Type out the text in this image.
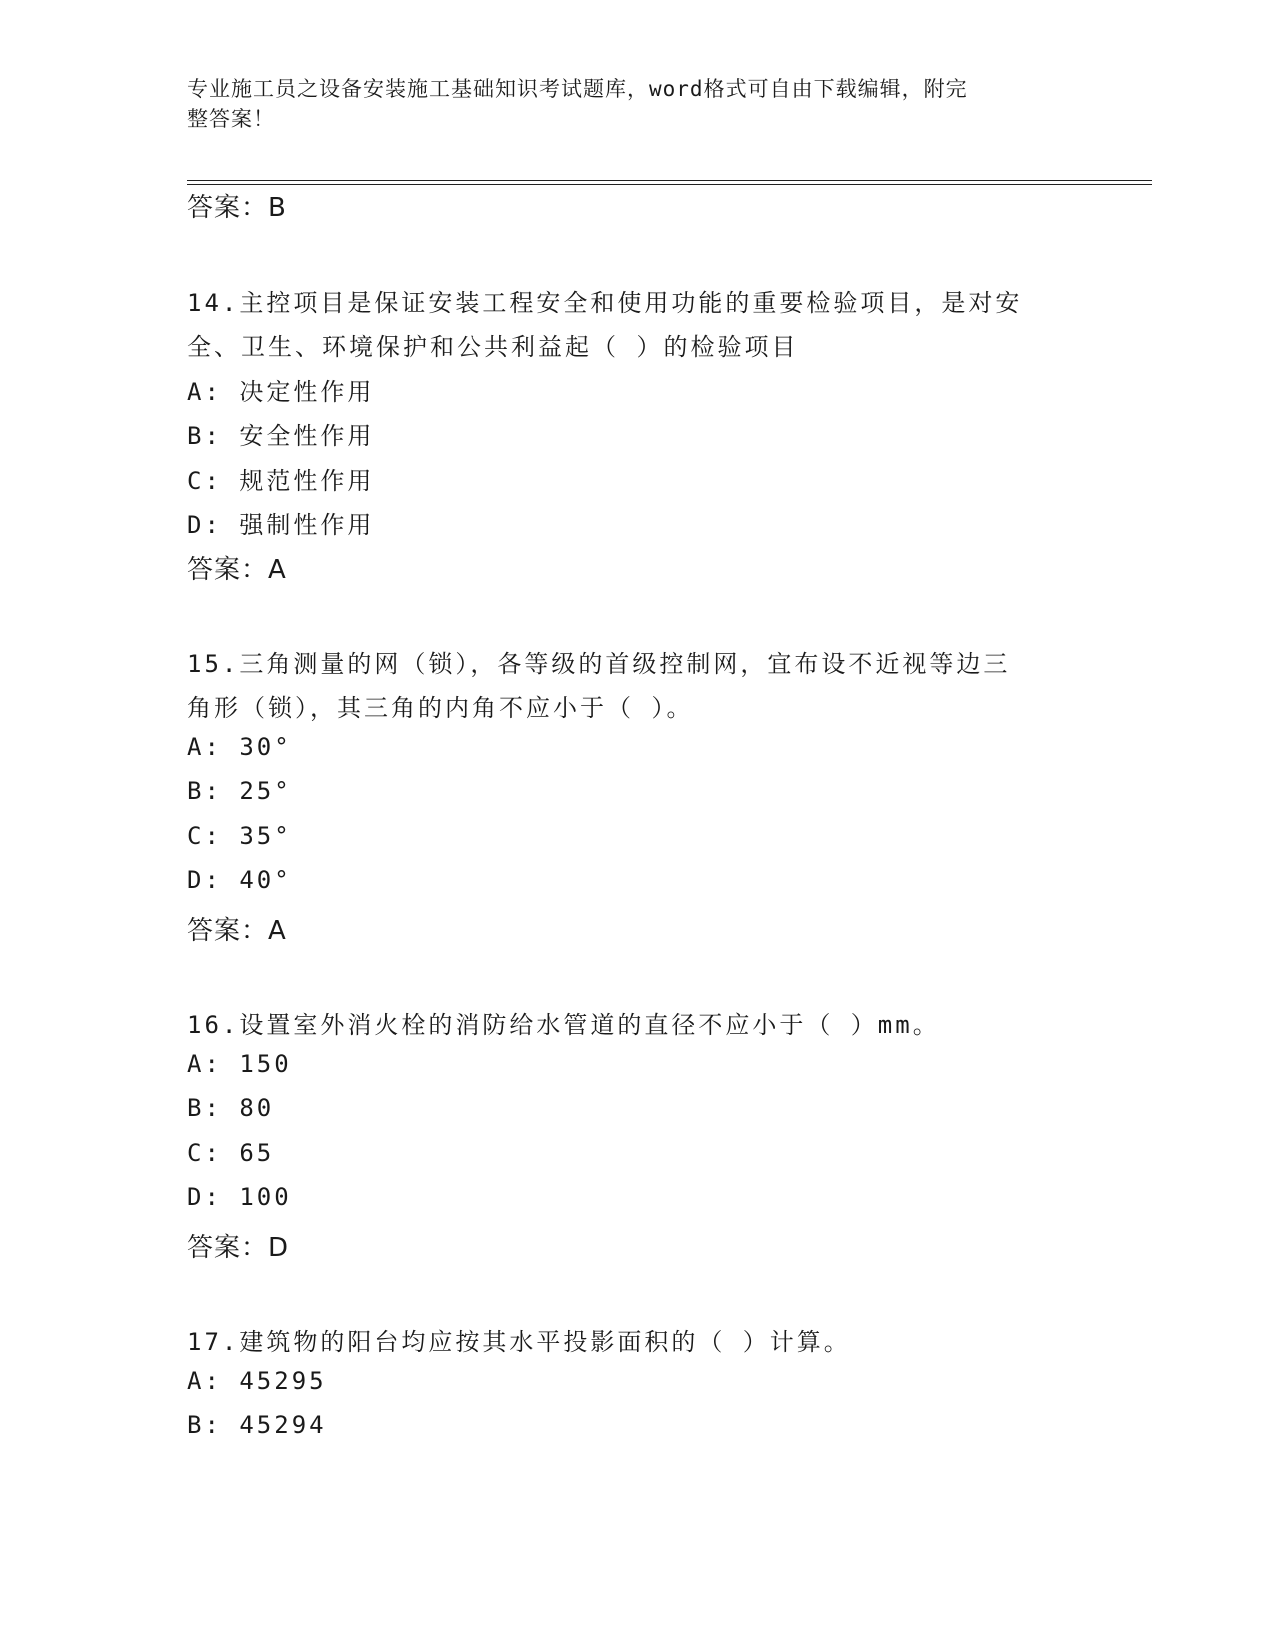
专业施工员之设备安装施工基础知识考试题库，word格式可自由下载编辑，附完
整答案！
答案：B
14.主控项目是保证安装工程安全和使用功能的重要检验项目，是对安
全、卫生、环境保护和公共利益起（ ）的检验项目
A: 决定性作用
B: 安全性作用
C: 规范性作用
D: 强制性作用
答案：A
15.三角测量的网（锁），各等级的首级控制网，宜布设不近视等边三
角形（锁），其三角的内角不应小于（ ）。
A: 30°
B: 25°
C: 35°
D: 40°
答案：A
16.设置室外消火栓的消防给水管道的直径不应小于（ ）mm。
A: 150
B: 80
C: 65
D: 100
答案：D
17.建筑物的阳台均应按其水平投影面积的（ ）计算。
A: 45295
B: 45294
